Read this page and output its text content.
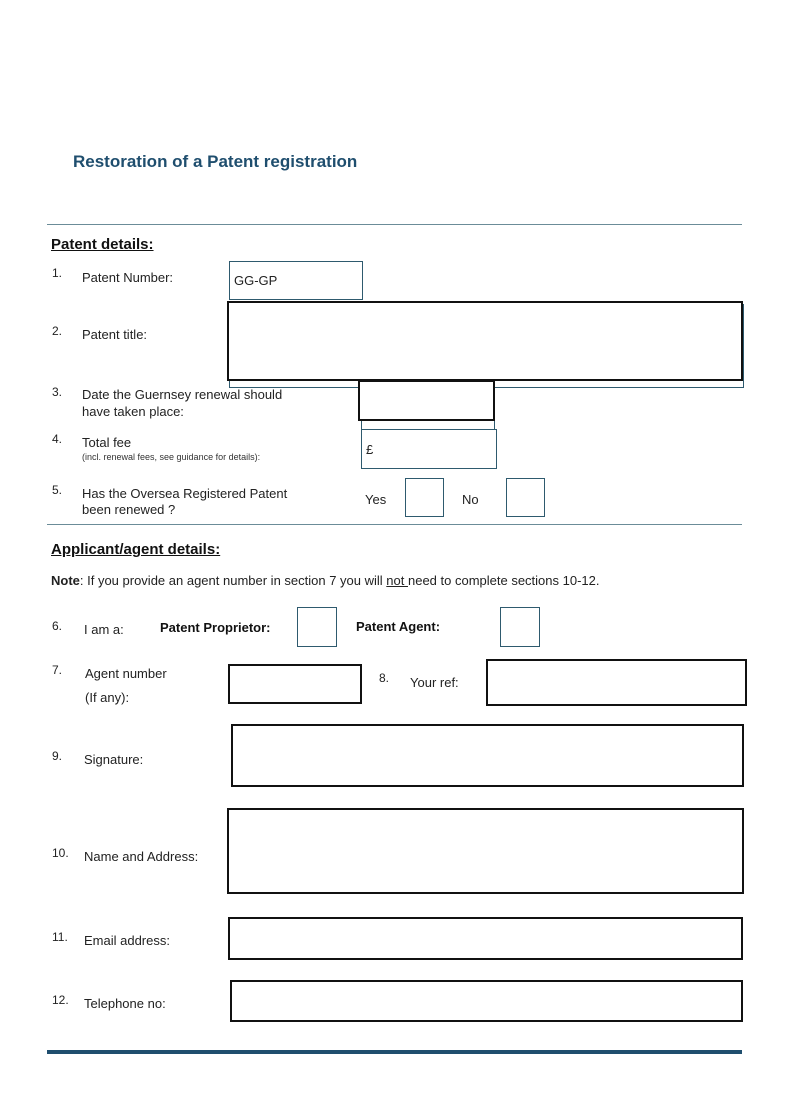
Restoration of a Patent registration
Patent details:
1. Patent Number:	GG-GP
2. Patent title:
3. Date the Guernsey renewal should
have taken place:
4. Total fee
(incl. renewal fees, see guidance for details):	£
5. Has the Oversea Registered Patent
been renewed ?
Yes	No
Applicant/agent details:
Note: If you provide an agent number in section 7 you will not need to complete sections 10-12.
6. I am a:	Patent Proprietor:	Patent Agent:
7. Agent number
(If any):
8. Your ref:
9. Signature:
10. Name and Address:
11. Email address:
12. Telephone no:
